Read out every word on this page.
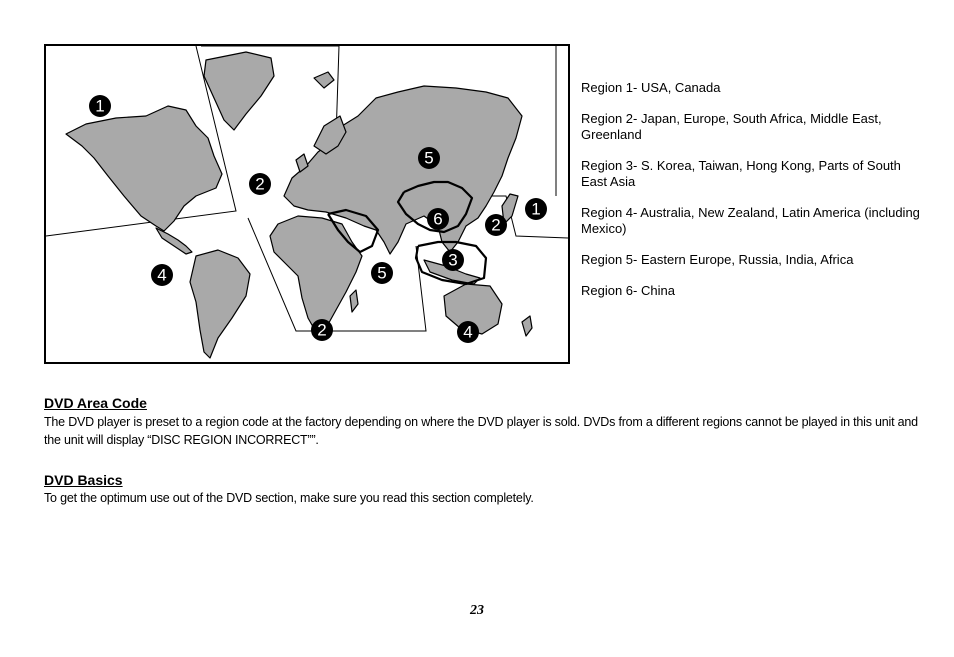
1
2
5
1
2
6
4	5
3
2	4

Region 1- USA, Canada

Region 2- Japan, Europe, South Africa, Middle East, Greenland

Region 3- S. Korea, Taiwan, Hong Kong, Parts of South East Asia

Region 4- Australia, New Zealand, Latin America (including Mexico)

Region 5- Eastern Europe, Russia, India, Africa

Region 6- China

DVD Area Code
The DVD player is preset to a region code at the factory depending on where the DVD player is sold. DVDs from a different regions cannot be played in this unit and the unit will display “DISC REGION INCORRECT””.
DVD Basics
To get the optimum use out of the DVD section, make sure you read this section completely.
23
